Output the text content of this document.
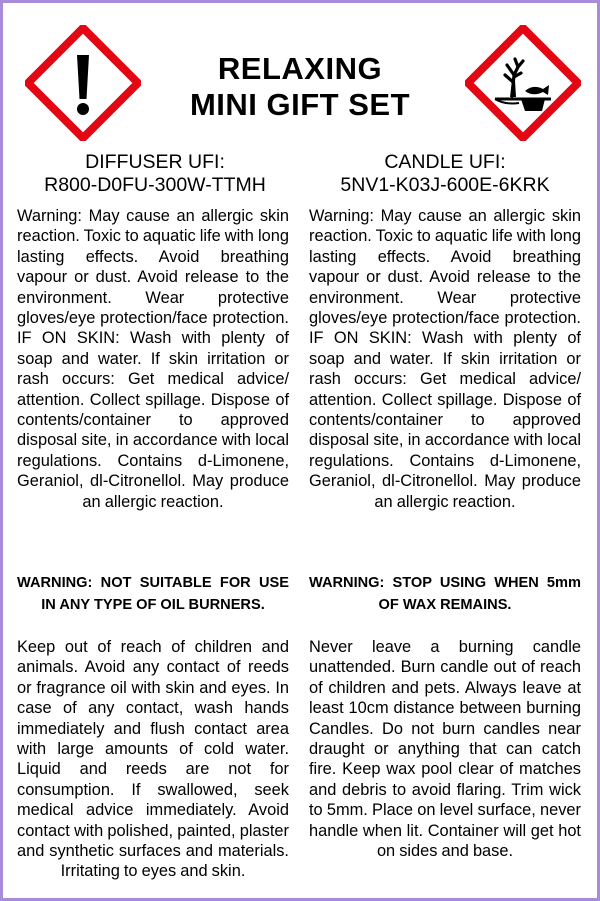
RELAXING
MINI GIFT SET
DIFFUSER UFI:
R800-D0FU-300W-TTMH
CANDLE UFI:
5NV1-K03J-600E-6KRK
Warning: May cause an allergic skin reaction. Toxic to aquatic life with long lasting effects. Avoid breathing vapour or dust. Avoid release to the environment. Wear protective gloves/eye protection/face protection. IF ON SKIN: Wash with plenty of soap and water. If skin irritation or rash occurs: Get medical advice/ attention. Collect spillage. Dispose of contents/container to approved disposal site, in accordance with local regulations. Contains d-Limonene, Geraniol, dl-Citronellol. May produce an allergic reaction.
Warning: May cause an allergic skin reaction. Toxic to aquatic life with long lasting effects. Avoid breathing vapour or dust. Avoid release to the environment. Wear protective gloves/eye protection/face protection. IF ON SKIN: Wash with plenty of soap and water. If skin irritation or rash occurs: Get medical advice/ attention. Collect spillage. Dispose of contents/container to approved disposal site, in accordance with local regulations. Contains d-Limonene, Geraniol, dl-Citronellol. May produce an allergic reaction.
WARNING: NOT SUITABLE FOR USE IN ANY TYPE OF OIL BURNERS.
WARNING: STOP USING WHEN 5mm OF WAX REMAINS.
Keep out of reach of children and animals. Avoid any contact of reeds or fragrance oil with skin and eyes. In case of any contact, wash hands immediately and flush contact area with large amounts of cold water. Liquid and reeds are not for consumption. If swallowed, seek medical advice immediately. Avoid contact with polished, painted, plaster and synthetic surfaces and materials. Irritating to eyes and skin.
Never leave a burning candle unattended. Burn candle out of reach of children and pets. Always leave at least 10cm distance between burning Candles. Do not burn candles near draught or anything that can catch fire. Keep wax pool clear of matches and debris to avoid flaring. Trim wick to 5mm. Place on level surface, never handle when lit. Container will get hot on sides and base.
